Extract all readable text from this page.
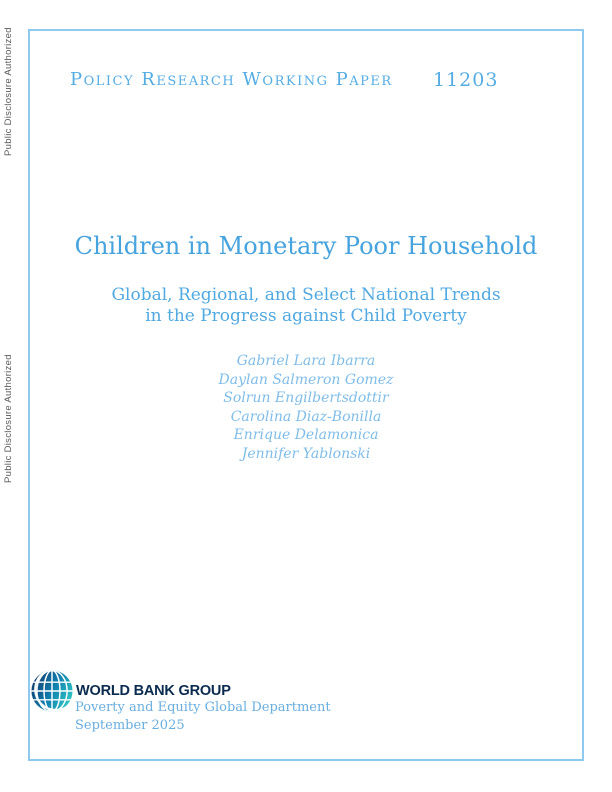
Public Disclosure Authorized
Public Disclosure Authorized
Policy Research Working Paper 11203
Children in Monetary Poor Household
Global, Regional, and Select National Trends
in the Progress against Child Poverty
Gabriel Lara Ibarra
Daylan Salmeron Gomez
Solrun Engilbertsdottir
Carolina Diaz-Bonilla
Enrique Delamonica
Jennifer Yablonski
WORLD BANK GROUP
Poverty and Equity Global Department
September 2025
